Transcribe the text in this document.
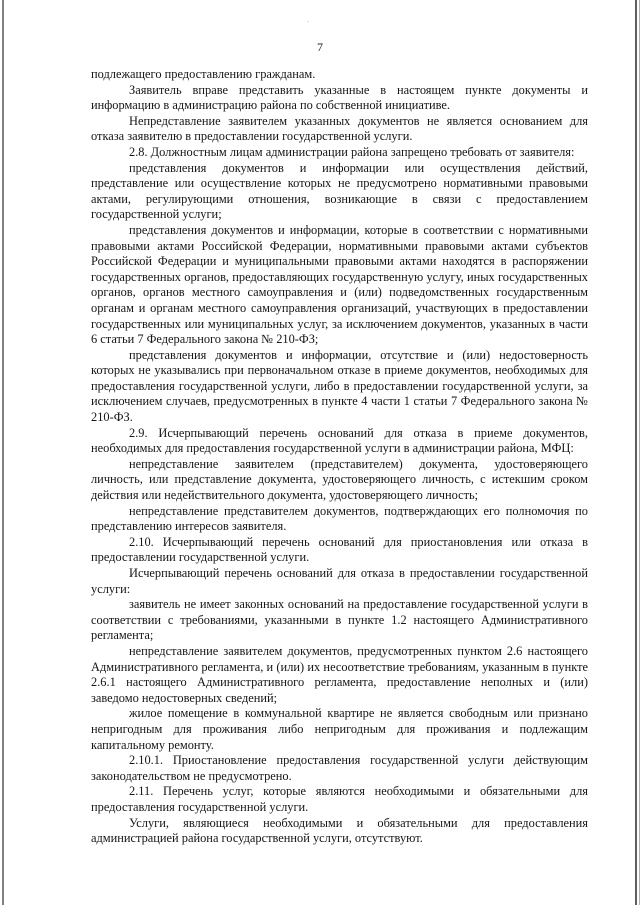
·
7

подлежащего предоставлению гражданам.

Заявитель вправе представить указанные в настоящем пункте документы и информацию в администрацию района по собственной инициативе.

Непредставление заявителем указанных документов не является основанием для отказа заявителю в предоставлении государственной услуги.

2.8. Должностным лицам администрации района запрещено требовать от заявителя:

представления документов и информации или осуществления действий, представление или осуществление которых не предусмотрено нормативными правовыми актами, регулирующими отношения, возникающие в связи с предоставлением государственной услуги;

представления документов и информации, которые в соответствии с нормативными правовыми актами Российской Федерации, нормативными правовыми актами субъектов Российской Федерации и муниципальными правовыми актами находятся в распоряжении государственных органов, предоставляющих государственную услугу, иных государственных органов, органов местного самоуправления и (или) подведомственных государственным органам и органам местного самоуправления организаций, участвующих в предоставлении государственных или муниципальных услуг, за исключением документов, указанных в части 6 статьи 7 Федерального закона № 210-ФЗ;

представления документов и информации, отсутствие и (или) недостоверность которых не указывались при первоначальном отказе в приеме документов, необходимых для предоставления государственной услуги, либо в предоставлении государственной услуги, за исключением случаев, предусмотренных в пункте 4 части 1 статьи 7 Федерального закона № 210-ФЗ.

2.9. Исчерпывающий перечень оснований для отказа в приеме документов, необходимых для предоставления государственной услуги в администрации района, МФЦ:

непредставление заявителем (представителем) документа, удостоверяющего личность, или представление документа, удостоверяющего личность, с истекшим сроком действия или недействительного документа, удостоверяющего личность;

непредставление представителем документов, подтверждающих его полномочия по представлению интересов заявителя.

2.10. Исчерпывающий перечень оснований для приостановления или отказа в предоставлении государственной услуги.

Исчерпывающий перечень оснований для отказа в предоставлении государственной услуги:

заявитель не имеет законных оснований на предоставление государственной услуги в соответствии с требованиями, указанными в пункте 1.2 настоящего Административного регламента;

непредставление заявителем документов, предусмотренных пунктом 2.6 настоящего Административного регламента, и (или) их несоответствие требованиям, указанным в пункте 2.6.1 настоящего Административного регламента, предоставление неполных и (или) заведомо недостоверных сведений;

жилое помещение в коммунальной квартире не является свободным или признано непригодным для проживания либо непригодным для проживания и подлежащим капитальному ремонту.

2.10.1. Приостановление предоставления государственной услуги действующим законодательством не предусмотрено.

2.11. Перечень услуг, которые являются необходимыми и обязательными для предоставления государственной услуги.

Услуги, являющиеся необходимыми и обязательными для предоставления администрацией района государственной услуги, отсутствуют.
